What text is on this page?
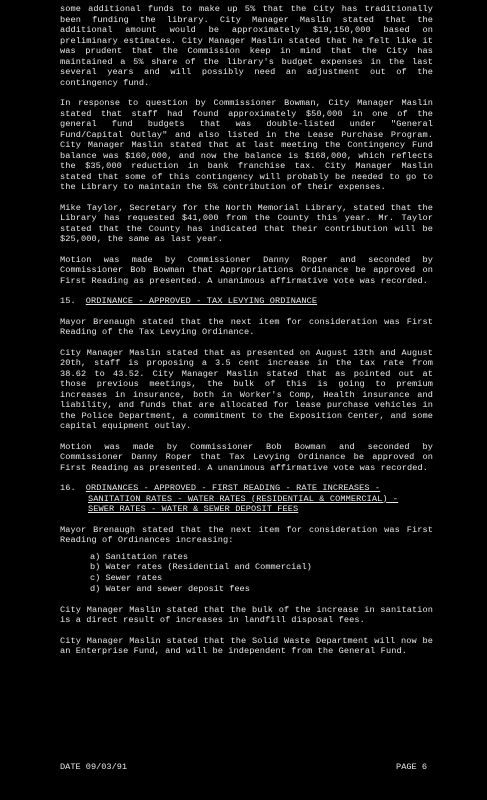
some additional funds to make up 5% that the City has traditionally been funding the library. City Manager Maslin stated that the additional amount would be approximately $19,150,000 based on preliminary estimates. City Manager Maslin stated that he felt like it was prudent that the Commission keep in mind that the City has maintained a 5% share of the library's budget expenses in the last several years and will possibly need an adjustment out of the contingency fund.

In response to question by Commissioner Bowman, City Manager Maslin stated that staff had found approximately $50,000 in one of the general fund budgets that was double-listed under "General Fund/Capital Outlay" and also listed in the Lease Purchase Program. City Manager Maslin stated that at last meeting the Contingency Fund balance was $160,000, and now the balance is $168,000, which reflects the $35,000 reduction in bank franchise tax. City Manager Maslin stated that some of this contingency will probably be needed to go to the Library to maintain the 5% contribution of their expenses.

Mike Taylor, Secretary for the North Memorial Library, stated that the Library has requested $41,000 from the County this year. Mr. Taylor stated that the County has indicated that their contribution will be $25,000, the same as last year.

Motion was made by Commissioner Danny Roper and seconded by Commissioner Bob Bowman that Appropriations Ordinance be approved on First Reading as presented. A unanimous affirmative vote was recorded.

15. ORDINANCE - APPROVED - TAX LEVYING ORDINANCE

Mayor Brenaugh stated that the next item for consideration was First Reading of the Tax Levying Ordinance.

City Manager Maslin stated that as presented on August 13th and August 20th, staff is proposing a 3.5 cent increase in the tax rate from 38.62 to 43.52. City Manager Maslin stated that as pointed out at those previous meetings, the bulk of this is going to premium increases in insurance, both in Worker's Comp, Health insurance and liability, and funds that are allocated for lease purchase vehicles in the Police Department, a commitment to the Exposition Center, and some capital equipment outlay.

Motion was made by Commissioner Bob Bowman and seconded by Commissioner Danny Roper that Tax Levying Ordinance be approved on First Reading as presented. A unanimous affirmative vote was recorded.

16. ORDINANCES - APPROVED - FIRST READING - RATE INCREASES -
SANITATION RATES - WATER RATES (RESIDENTIAL & COMMERCIAL) -
SEWER RATES - WATER & SEWER DEPOSIT FEES

Mayor Brenaugh stated that the next item for consideration was First Reading of Ordinances increasing:

a) Sanitation rates
b) Water rates (Residential and Commercial)
c) Sewer rates
d) Water and sewer deposit fees

City Manager Maslin stated that the bulk of the increase in sanitation is a direct result of increases in landfill disposal fees.

City Manager Maslin stated that the Solid Waste Department will now be an Enterprise Fund, and will be independent from the General Fund.

DATE 09/03/91	PAGE 6
